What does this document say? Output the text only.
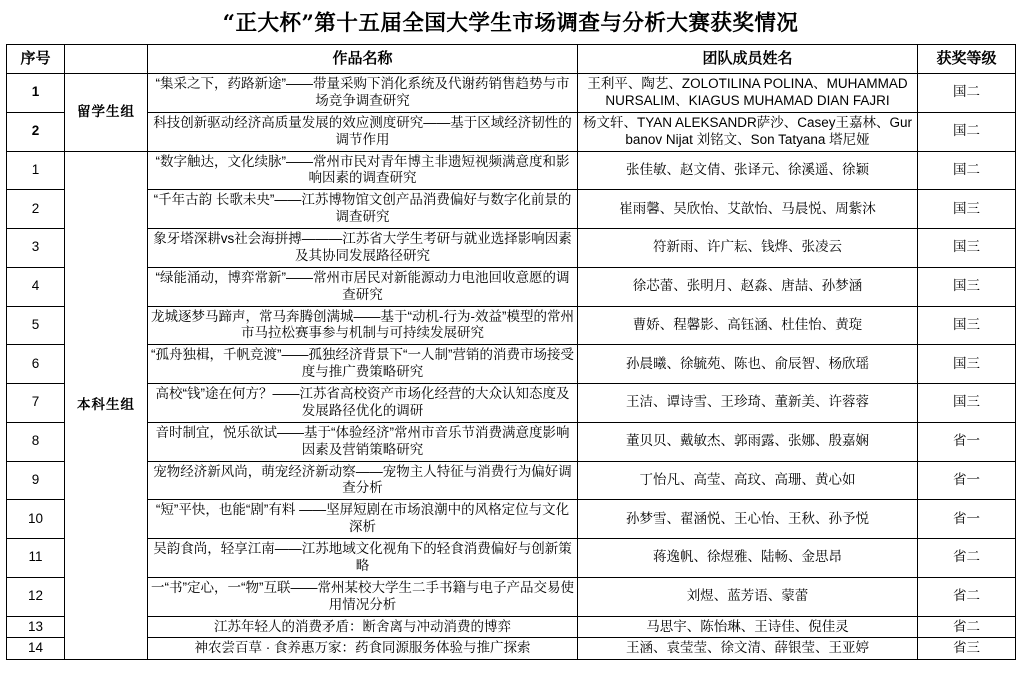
“正大杯”第十五届全国大学生市场调查与分析大赛获奖情况
序号		作品名称	团队成员姓名	获奖等级
1	留学生组	“集采之下，药路新途”——带量采购下消化系统及代谢药销售趋势与市场竞争调查研究	王利平、陶艺、ZOLOTILINA POLINA、MUHAMMAD NURSALIM、KIAGUS MUHAMAD DIAN FAJRI	国二
2		科技创新驱动经济高质量发展的效应测度研究——基于区域经济韧性的调节作用	杨文轩、TYAN ALEKSANDR萨沙、Casey王嘉林、Gurbanov Nijat 刘铭文、Son Tatyana 塔尼娅	国二
1	本科生组	“数字触达，文化续脉”——常州市民对青年博主非遗短视频满意度和影响因素的调查研究	张佳敏、赵文倩、张译元、徐溪遥、徐颖	国二
2		“千年古韵 长歌未央”——江苏博物馆文创产品消费偏好与数字化前景的调查研究	崔雨馨、吴欣怡、艾歆怡、马晨悦、周紫沐	国三
3		象牙塔深耕vs社会海拼搏———江苏省大学生考研与就业选择影响因素及其协同发展路径研究	符新雨、许广耘、钱烨、张凌云	国三
4		“绿能涌动，博弈常新”——常州市居民对新能源动力电池回收意愿的调查研究	徐芯蕾、张明月、赵淼、唐喆、孙梦涵	国三
5		龙城逐梦马蹄声，常马奔腾创满城——基于“动机-行为-效益”模型的常州市马拉松赛事参与机制与可持续发展研究	曹娇、程馨影、高钰涵、杜佳怡、黄琁	国三
6		“孤舟独楫，千帆竞渡”——孤独经济背景下“一人制”营销的消费市场接受度与推广费策略研究	孙晨曦、徐毓苑、陈也、俞辰智、杨欣瑶	国三
7		高校“钱”途在何方？——江苏省高校资产市场化经营的大众认知态度及发展路径优化的调研	王洁、谭诗雪、王珍琦、董新美、许蓉蓉	国三
8		音时制宜，悦乐欲试——基于“体验经济”常州市音乐节消费满意度影响因素及营销策略研究	董贝贝、戴敏杰、郭雨露、张娜、殷嘉娴	省一
9		宠物经济新风尚，萌宠经济新动察——宠物主人特征与消费行为偏好调查分析	丁怡凡、高莹、高玟、高珊、黄心如	省一
10		“短”平快，也能“剧”有料 ——坚屏短剧在市场浪潮中的风格定位与文化深析	孙梦雪、翟涵悦、王心怡、王秋、孙予悦	省一
11		吴韵食尚，轻享江南——江苏地域文化视角下的轻食消费偏好与创新策略	蒋逸帆、徐煜雅、陆畅、金思昂	省二
12		一“书”定心，一“物”互联——常州某校大学生二手书籍与电子产品交易使用情况分析	刘煜、蓝芳语、蒙蕾	省二
13		江苏年轻人的消费矛盾：断舍离与冲动消费的博弈	马思宇、陈怡琳、王诗佳、倪佳灵	省二
14		神农尝百草 · 食养惠万家：药食同源服务体验与推广探索	王涵、袁莹莹、徐文清、薛银莹、王亚婷	省三
